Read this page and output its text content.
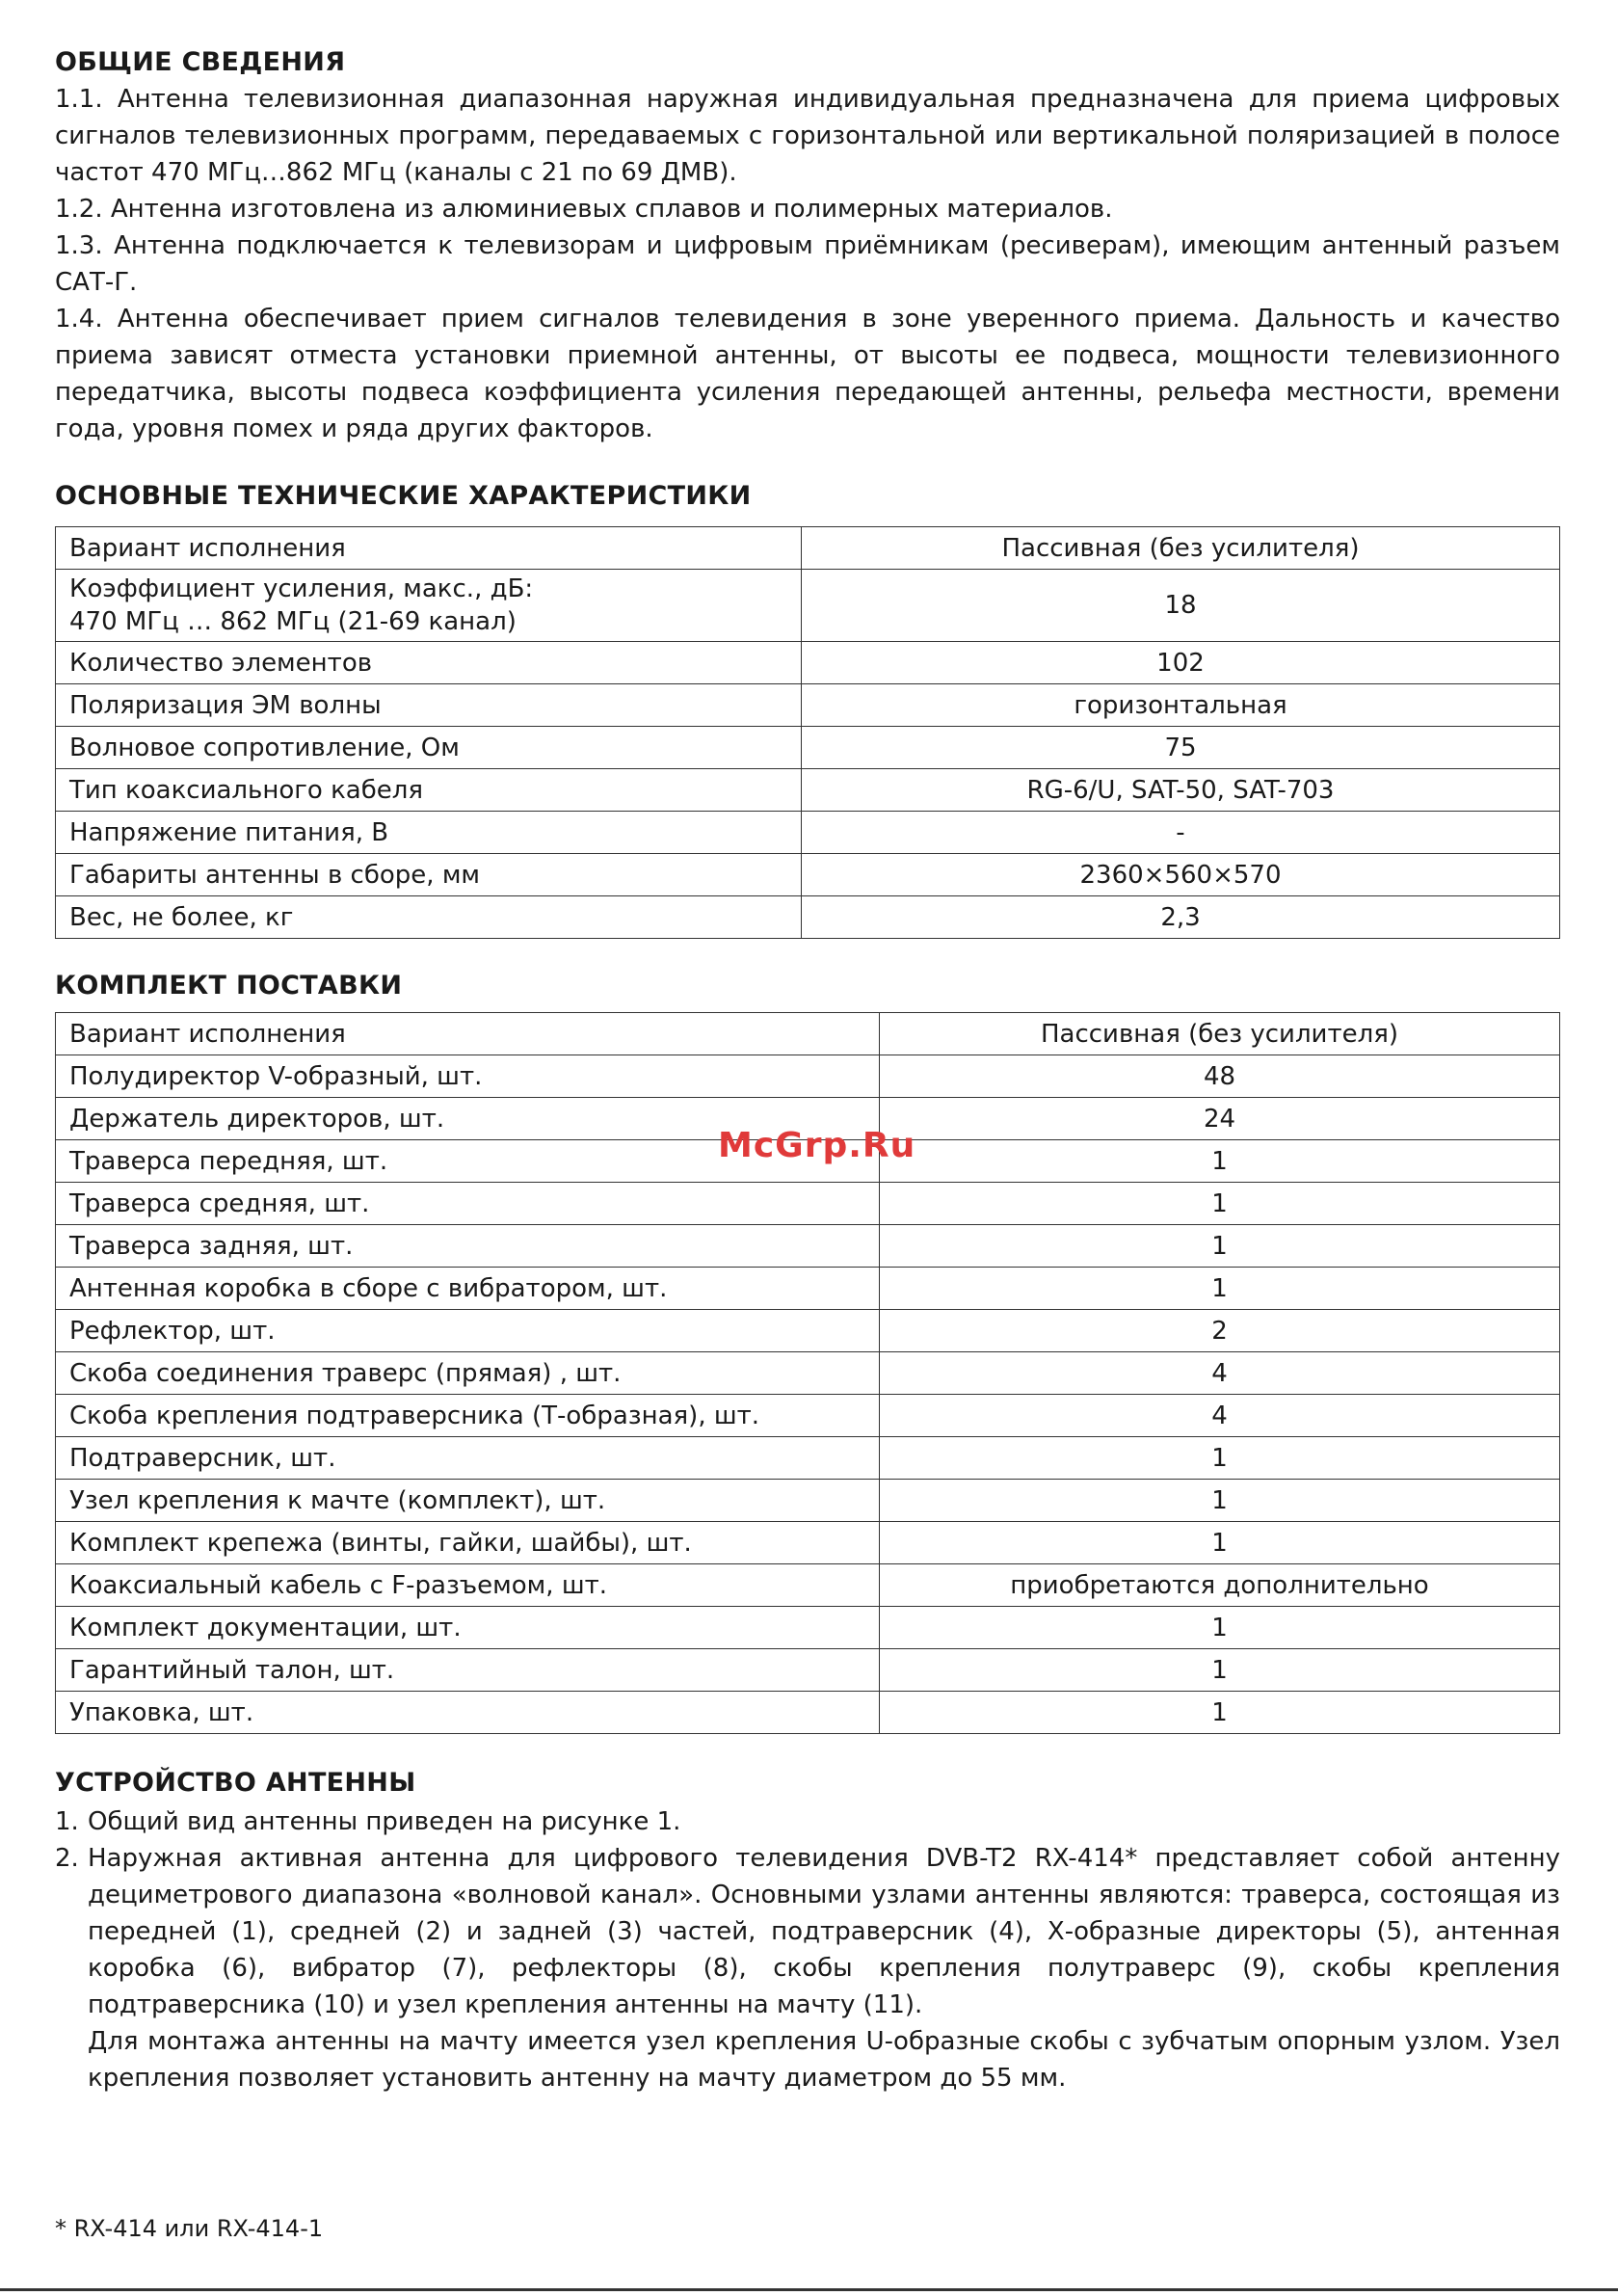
ОБЩИЕ СВЕДЕНИЯ

1.1. Антенна телевизионная диапазонная наружная индивидуальная предназначена для приема цифровых сигналов телевизионных программ, передаваемых с горизонтальной или вертикальной поляризацией в полосе частот 470 МГц…862 МГц (каналы с 21 по 69 ДМВ).

1.2. Антенна изготовлена из алюминиевых сплавов и полимерных материалов.

1.3. Антенна подключается к телевизорам и цифровым приёмникам (ресиверам), имеющим антенный разъем САТ-Г.

1.4. Антенна обеспечивает прием сигналов телевидения в зоне уверенного приема. Дальность и качество приема зависят отместа установки приемной антенны, от высоты ее подвеса, мощности телевизионного передатчика, высоты подвеса коэффициента усиления передающей антенны, рельефа местности, времени года, уровня помех и ряда других факторов.

ОСНОВНЫЕ ТЕХНИЧЕСКИЕ ХАРАКТЕРИСТИКИ
Вариант исполнения	Пассивная (без усилителя)
Коэффициент усиления, макс., дБ:
470 МГц … 862 МГц (21-69 канал)	18
Количество элементов	102
Поляризация ЭМ волны	горизонтальная
Волновое сопротивление, Ом	75
Тип коаксиального кабеля	RG-6/U, SAT-50, SAT-703
Напряжение питания, В	-
Габариты антенны в сборе, мм	2360×560×570
Вес, не более, кг	2,3
КОМПЛЕКТ ПОСТАВКИ
Вариант исполнения	Пассивная (без усилителя)
Полудиректор V-образный, шт.	48
Держатель директоров, шт.	24
Траверса передняя, шт.	1
Траверса средняя, шт.	1
Траверса задняя, шт.	1
Антенная коробка в сборе с вибратором, шт.	1
Рефлектор, шт.	2
Скоба соединения траверс (прямая) , шт.	4
Скоба крепления подтраверсника (Т-образная), шт.	4
Подтраверсник, шт.	1
Узел крепления к мачте (комплект), шт.	1
Комплект крепежа (винты, гайки, шайбы), шт.	1
Коаксиальный кабель с F-разъемом, шт.	приобретаются дополнительно
Комплект документации, шт.	1
Гарантийный талон, шт.	1
Упаковка, шт.	1
УСТРОЙСТВО АНТЕННЫ
1. Общий вид антенны приведен на рисунке 1.
2. Наружная активная антенна для цифрового телевидения DVB-T2 RX-414* представляет собой антенну дециметрового диапазона «волновой канал». Основными узлами антенны являются: траверса, состоящая из передней (1), средней (2) и задней (3) частей, подтраверсник (4), Х-образные директоры (5), антенная коробка (6), вибратор (7), рефлекторы (8), скобы крепления полутраверс (9), скобы крепления подтраверсника (10) и узел крепления антенны на мачту (11).
Для монтажа антенны на мачту имеется узел крепления U-образные скобы с зубчатым опорным узлом. Узел крепления позволяет установить антенну на мачту диаметром до 55 мм.
McGrp.Ru
* RX-414 или RX-414-1
